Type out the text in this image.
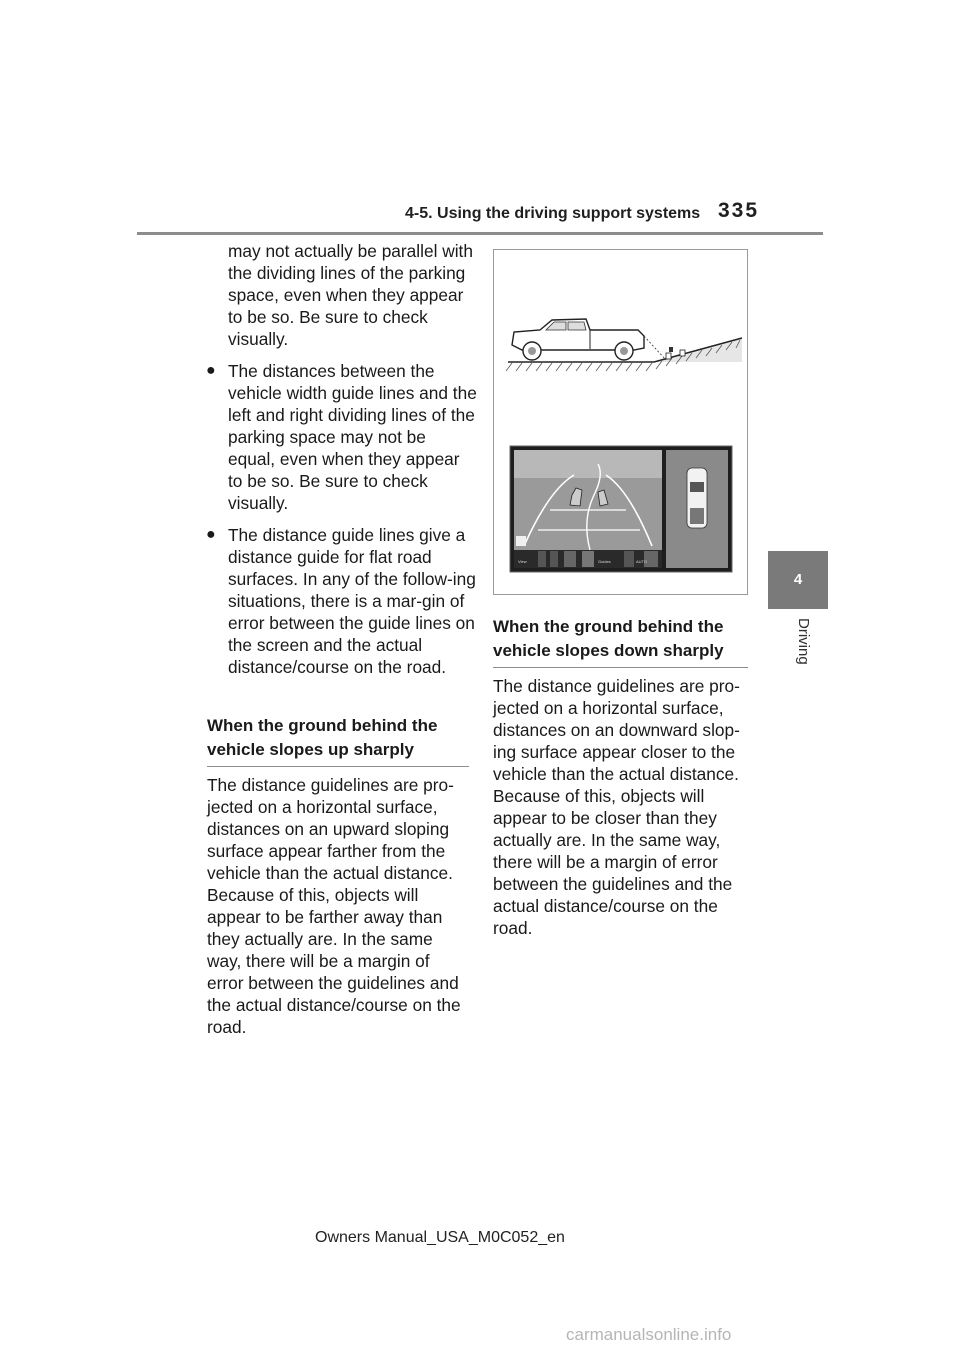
4-5. Using the driving support systems 335
4
Driving
may not actually be parallel with the dividing lines of the parking space, even when they appear to be so. Be sure to check visually.
● The distances between the vehicle width guide lines and the left and right dividing lines of the parking space may not be equal, even when they appear to be so. Be sure to check visually.
● The distance guide lines give a distance guide for flat road surfaces. In any of the follow-ing situations, there is a mar-gin of error between the guide lines on the screen and the actual distance/course on the road.
When the ground behind the vehicle slopes up sharply
The distance guidelines are pro-jected on a horizontal surface, distances on an upward sloping surface appear farther from the vehicle than the actual distance. Because of this, objects will appear to be farther away than they actually are. In the same way, there will be a margin of error between the guidelines and the actual distance/course on the road.
View	Guides	AUTO
When the ground behind the vehicle slopes down sharply
The distance guidelines are pro-jected on a horizontal surface, distances on an downward slop-ing surface appear closer to the vehicle than the actual distance. Because of this, objects will appear to be closer than they actually are. In the same way, there will be a margin of error between the guidelines and the actual distance/course on the road.
Owners Manual_USA_M0C052_en
carmanualsonline.info
